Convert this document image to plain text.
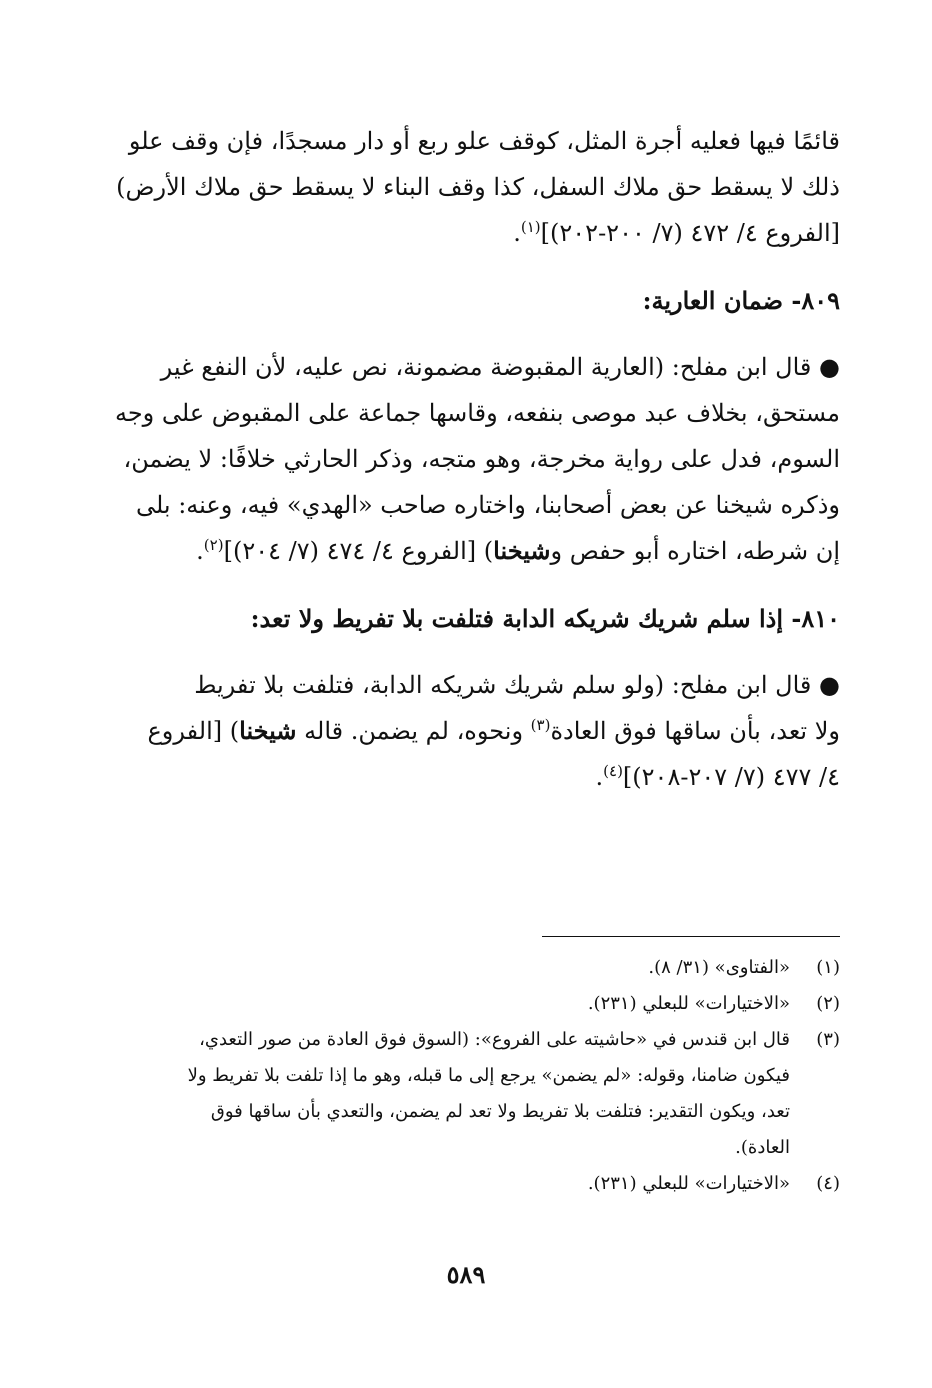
قائمًا فيها فعليه أجرة المثل، كوقف علو ربع أو دار مسجدًا، فإن وقف علو
ذلك لا يسقط حق ملاك السفل، كذا وقف البناء لا يسقط حق ملاك الأرض)
[الفروع ٤/ ٤٧٢ (٧/ ٢٠٠-٢٠٢)]$^{(١)}$.

٨٠٩- ضمان العارية:

● قال ابن مفلح: (العارية المقبوضة مضمونة، نص عليه، لأن النفع غير
مستحق، بخلاف عبد موصى بنفعه، وقاسها جماعة على المقبوض على وجه
السوم، فدل على رواية مخرجة، وهو متجه، وذكر الحارثي خلافًا: لا يضمن،
وذكره شيخنا عن بعض أصحابنا، واختاره صاحب «الهدي» فيه، وعنه: بلى
إن شرطه، اختاره أبو حفص وشيخنا) [الفروع ٤/ ٤٧٤ (٧/ ٢٠٤)]$^{(٢)}$.

٨١٠- إذا سلم شريك شريكه الدابة فتلفت بلا تفريط ولا تعد:

● قال ابن مفلح: (ولو سلم شريك شريكه الدابة، فتلفت بلا تفريط
ولا تعد، بأن ساقها فوق العادة$^{(٣)}$ ونحوه، لم يضمن. قاله شيخنا) [الفروع
٤/ ٤٧٧ (٧/ ٢٠٧-٢٠٨)]$^{(٤)}$.

(١)
«الفتاوى» (٣١/ ٨).
(٢)
«الاختيارات» للبعلي (٢٣١).
(٣)
قال ابن قندس في «حاشيته على الفروع»: (السوق فوق العادة من صور التعدي،
فيكون ضامنا، وقوله: «لم يضمن» يرجع إلى ما قبله، وهو ما إذا تلفت بلا تفريط ولا
تعد، ويكون التقدير: فتلفت بلا تفريط ولا تعد لم يضمن، والتعدي بأن ساقها فوق
العادة).
(٤)
«الاختيارات» للبعلي (٢٣١).
٥٨٩
